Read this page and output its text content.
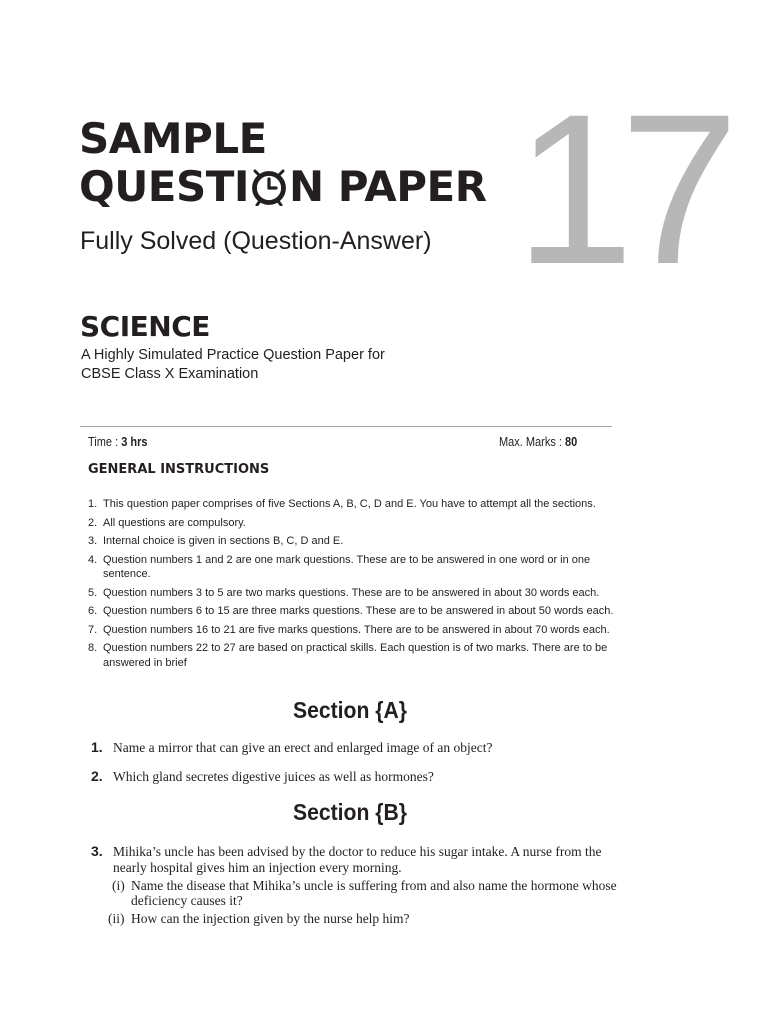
SAMPLE
QUESTI N PAPER 17
Fully Solved (Question-Answer)
SCIENCE
A Highly Simulated Practice Question Paper for
CBSE Class X Examination
Time : 3 hrs	Max. Marks : 80
GENERAL INSTRUCTIONS
1. This question paper comprises of five Sections A, B, C, D and E. You have to attempt all the sections.
2. All questions are compulsory.
3. Internal choice is given in sections B, C, D and E.
4. Question numbers 1 and 2 are one mark questions. These are to be answered in one word or in one sentence.
5. Question numbers 3 to 5 are two marks questions. These are to be answered in about 30 words each.
6. Question numbers 6 to 15 are three marks questions. These are to be answered in about 50 words each.
7. Question numbers 16 to 21 are five marks questions. There are to be answered in about 70 words each.
8. Question numbers 22 to 27 are based on practical skills. Each question is of two marks. There are to be answered in brief
Section {A}
1. Name a mirror that can give an erect and enlarged image of an object?
2. Which gland secretes digestive juices as well as hormones?
Section {B}
3. Mihika’s uncle has been advised by the doctor to reduce his sugar intake. A nurse from the nearly hospital gives him an injection every morning.
(i) Name the disease that Mihika’s uncle is suffering from and also name the hormone whose deficiency causes it?
(ii) How can the injection given by the nurse help him?
